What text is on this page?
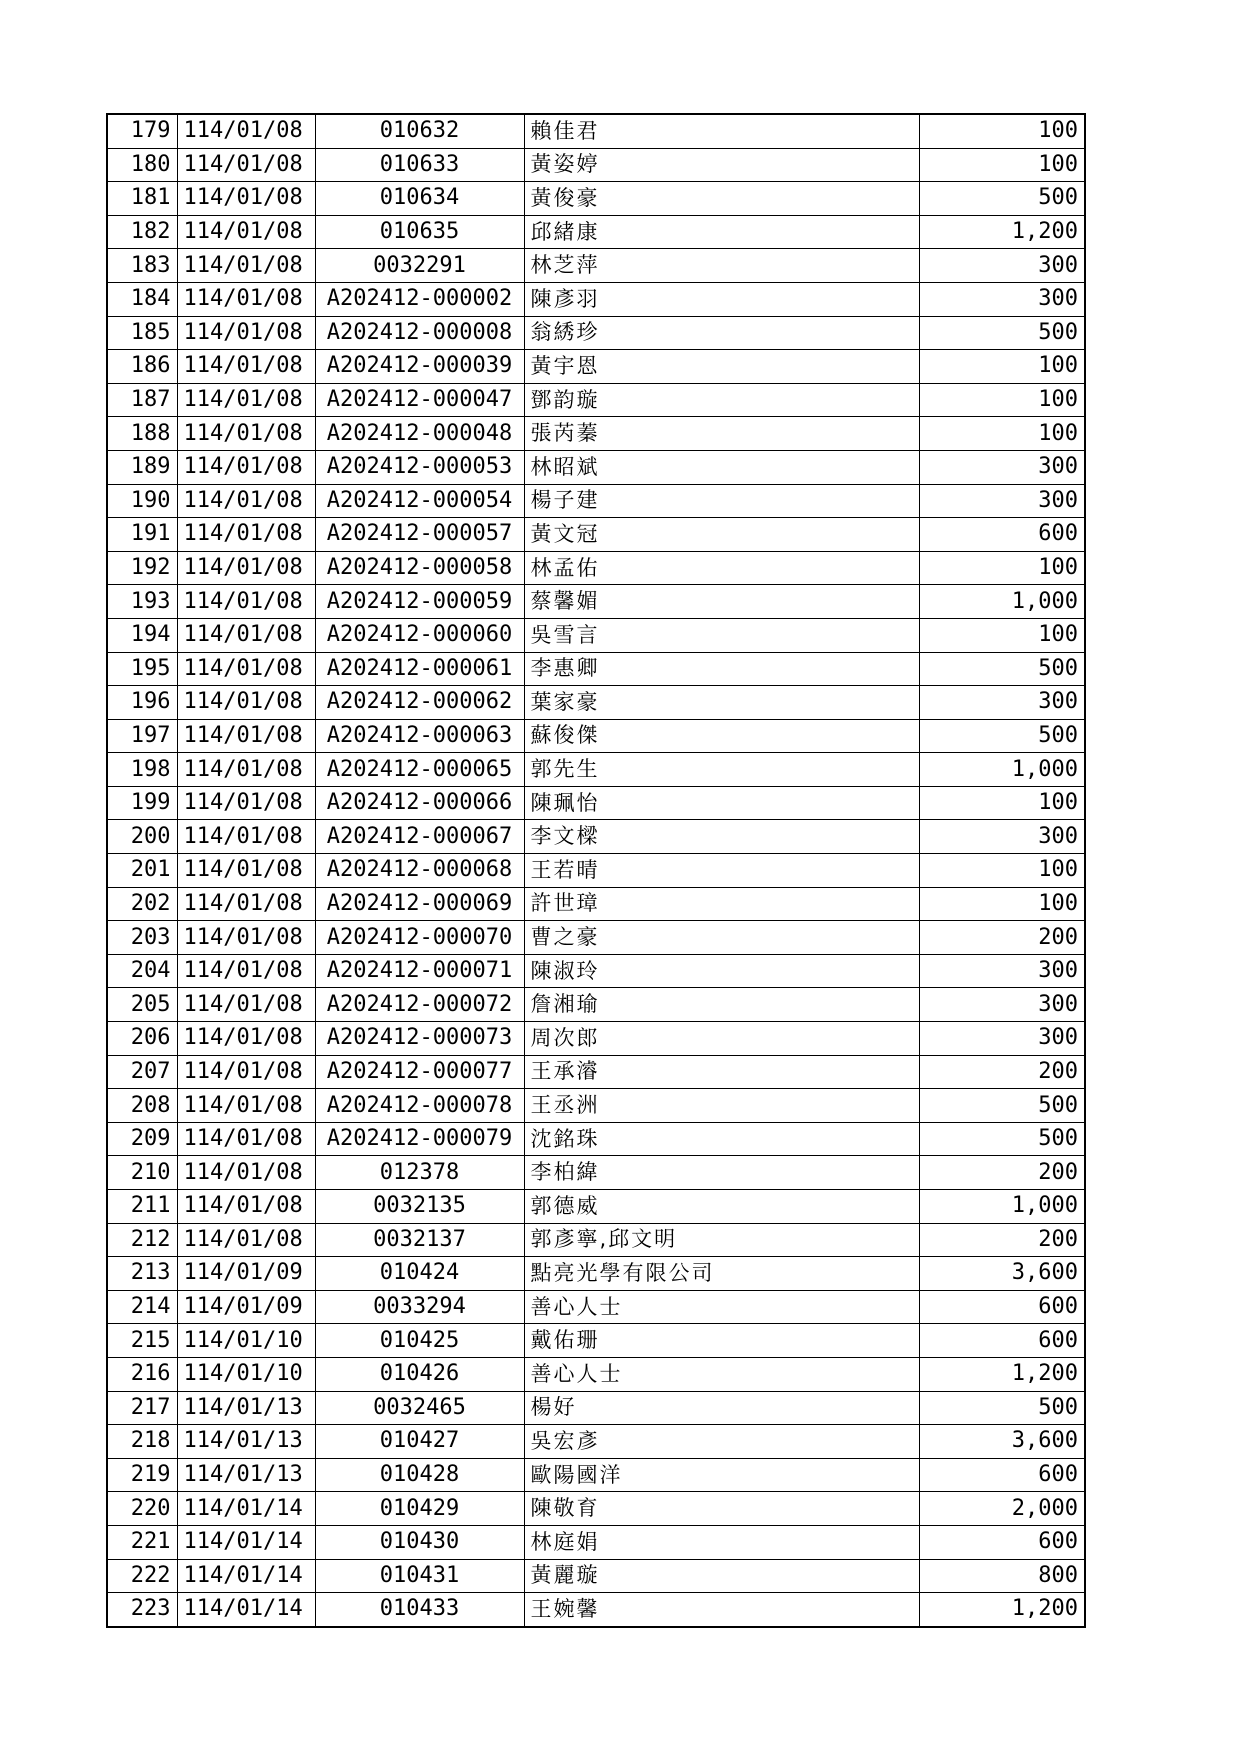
179	114/01/08	010632	賴佳君	100
180	114/01/08	010633	黃姿婷	100
181	114/01/08	010634	黃俊豪	500
182	114/01/08	010635	邱緒康	1,200
183	114/01/08	0032291	林芝萍	300
184	114/01/08	A202412-000002	陳彥羽	300
185	114/01/08	A202412-000008	翁綉珍	500
186	114/01/08	A202412-000039	黃宇恩	100
187	114/01/08	A202412-000047	鄧韵璇	100
188	114/01/08	A202412-000048	張芮蓁	100
189	114/01/08	A202412-000053	林昭斌	300
190	114/01/08	A202412-000054	楊子建	300
191	114/01/08	A202412-000057	黃文冠	600
192	114/01/08	A202412-000058	林孟佑	100
193	114/01/08	A202412-000059	蔡馨媚	1,000
194	114/01/08	A202412-000060	吳雪言	100
195	114/01/08	A202412-000061	李惠卿	500
196	114/01/08	A202412-000062	葉家豪	300
197	114/01/08	A202412-000063	蘇俊傑	500
198	114/01/08	A202412-000065	郭先生	1,000
199	114/01/08	A202412-000066	陳珮怡	100
200	114/01/08	A202412-000067	李文樑	300
201	114/01/08	A202412-000068	王若晴	100
202	114/01/08	A202412-000069	許世璋	100
203	114/01/08	A202412-000070	曹之豪	200
204	114/01/08	A202412-000071	陳淑玲	300
205	114/01/08	A202412-000072	詹湘瑜	300
206	114/01/08	A202412-000073	周次郎	300
207	114/01/08	A202412-000077	王承濬	200
208	114/01/08	A202412-000078	王丞洲	500
209	114/01/08	A202412-000079	沈銘珠	500
210	114/01/08	012378	李柏緯	200
211	114/01/08	0032135	郭德威	1,000
212	114/01/08	0032137	郭彥寧,邱文明	200
213	114/01/09	010424	點亮光學有限公司	3,600
214	114/01/09	0033294	善心人士	600
215	114/01/10	010425	戴佑珊	600
216	114/01/10	010426	善心人士	1,200
217	114/01/13	0032465	楊好	500
218	114/01/13	010427	吳宏彥	3,600
219	114/01/13	010428	歐陽國洋	600
220	114/01/14	010429	陳敬育	2,000
221	114/01/14	010430	林庭娟	600
222	114/01/14	010431	黃麗璇	800
223	114/01/14	010433	王婉馨	1,200
